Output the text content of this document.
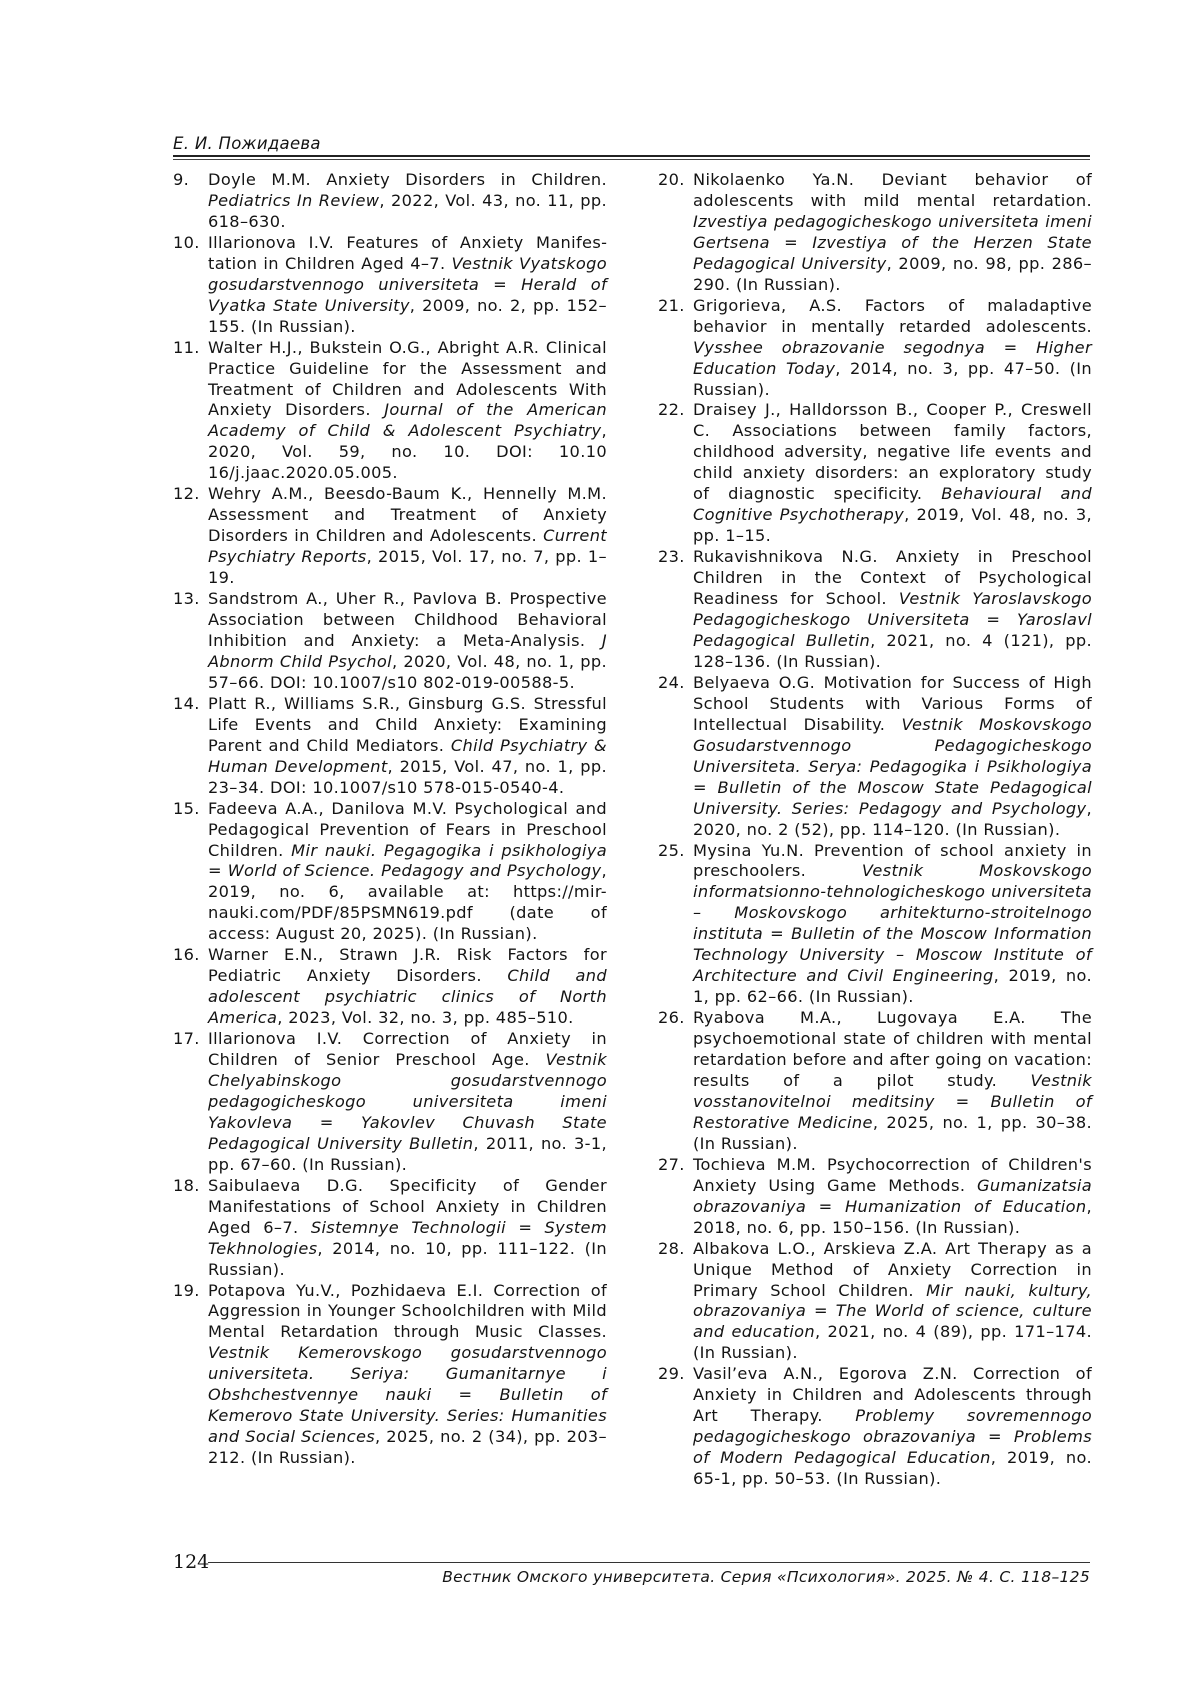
Е. И. Пожидаева
9.	Doyle M.M. Anxiety Disorders in Children. Pediatrics In Review, 2022, Vol. 43, no. 11, pp. 618–630.
10. Illarionova I.V. Features of Anxiety Manifestation in Children Aged 4–7. Vestnik Vyatskogo gosudarstvennogo universiteta = Herald of Vyatka State University, 2009, no. 2, pp. 152–155. (In Russian).
11. Walter H.J., Bukstein O.G., Abright A.R. Clinical Practice Guideline for the Assessment and Treatment of Children and Adolescents With Anxiety Disorders. Journal of the American Academy of Child & Adolescent Psychiatry, 2020, Vol. 59, no. 10. DOI: 10.10 16/j.jaac.2020.05.005.
12. Wehry A.M., Beesdo-Baum K., Hennelly M.M. Assessment and Treatment of Anxiety Disorders in Children and Adolescents. Current Psychiatry Reports, 2015, Vol. 17, no. 7, pp. 1–19.
13. Sandstrom A., Uher R., Pavlova B. Prospective Association between Childhood Behavioral Inhibition and Anxiety: a Meta-Analysis. J Abnorm Child Psychol, 2020, Vol. 48, no. 1, pp. 57–66. DOI: 10.1007/s10 802-019-00588-5.
14. Platt R., Williams S.R., Ginsburg G.S. Stressful Life Events and Child Anxiety: Examining Parent and Child Mediators. Child Psychiatry & Human Development, 2015, Vol. 47, no. 1, pp. 23–34. DOI: 10.1007/s10 578-015-0540-4.
15. Fadeeva A.A., Danilova M.V. Psychological and Pedagogical Prevention of Fears in Preschool Children. Mir nauki. Pegagogika i psikhologiya = World of Science. Pedagogy and Psychology, 2019, no. 6, available at: https://mir-nauki.com/PDF/85PSMN619.pdf (date of access: August 20, 2025). (In Russian).
16. Warner E.N., Strawn J.R. Risk Factors for Pediatric Anxiety Disorders. Child and adolescent psychiatric clinics of North America, 2023, Vol. 32, no. 3, pp. 485–510.
17. Illarionova I.V. Correction of Anxiety in Children of Senior Preschool Age. Vestnik Chelyabinskogo gosudarstvennogo pedagogicheskogo universiteta imeni Yakovleva = Yakovlev Chuvash State Pedagogical University Bulletin, 2011, no. 3-1, pp. 67–60. (In Russian).
18. Saibulaeva D.G. Specificity of Gender Manifestations of School Anxiety in Children Aged 6–7. Sistemnye Technologii = System Tekhnologies, 2014, no. 10, pp. 111–122. (In Russian).
19. Potapova Yu.V., Pozhidaeva E.I. Correction of Aggression in Younger Schoolchildren with Mild Mental Retardation through Music Classes. Vestnik Kemerovskogo gosudarstvennogo universiteta. Seriya: Gumanitarnye i Obshchestvennye nauki = Bulletin of Kemerovo State University. Series: Humanities and Social Sciences, 2025, no. 2 (34), pp. 203–212. (In Russian).
20. Nikolaenko Ya.N. Deviant behavior of adolescents with mild mental retardation. Izvestiya pedagogicheskogo universiteta imeni Gertsena = Izvestiya of the Herzen State Pedagogical University, 2009, no. 98, pp. 286–290. (In Russian).
21. Grigorieva, A.S. Factors of maladaptive behavior in mentally retarded adolescents. Vysshee obrazovanie segodnya = Higher Education Today, 2014, no. 3, pp. 47–50. (In Russian).
22. Draisey J., Halldorsson B., Cooper P., Creswell C. Associations between family factors, childhood adversity, negative life events and child anxiety disorders: an exploratory study of diagnostic specificity. Behavioural and Cognitive Psychotherapy, 2019, Vol. 48, no. 3, pp. 1–15.
23. Rukavishnikova N.G. Anxiety in Preschool Children in the Context of Psychological Readiness for School. Vestnik Yaroslavskogo Pedagogicheskogo Universiteta = Yaroslavl Pedagogical Bulletin, 2021, no. 4 (121), pp. 128–136. (In Russian).
24. Belyaeva O.G. Motivation for Success of High School Students with Various Forms of Intellectual Disability. Vestnik Moskovskogo Gosudarstvennogo Pedagogicheskogo Universiteta. Serya: Pedagogika i Psikhologiya = Bulletin of the Moscow State Pedagogical University. Series: Pedagogy and Psychology, 2020, no. 2 (52), pp. 114–120. (In Russian).
25. Mysina Yu.N. Prevention of school anxiety in preschoolers. Vestnik Moskovskogo informatsionno-tehnologicheskogo universiteta – Moskovskogo arhitekturno-stroitelnogo instituta = Bulletin of the Moscow Information Technology University – Moscow Institute of Architecture and Civil Engineering, 2019, no. 1, pp. 62–66. (In Russian).
26. Ryabova M.A., Lugovaya E.A. The psychoemotional state of children with mental retardation before and after going on vacation: results of a pilot study. Vestnik vosstanovitelnoi meditsiny = Bulletin of Restorative Medicine, 2025, no. 1, pp. 30–38. (In Russian).
27. Tochieva M.M. Psychocorrection of Children's Anxiety Using Game Methods. Gumanizatsia obrazovaniya = Humanization of Education, 2018, no. 6, pp. 150–156. (In Russian).
28. Albakova L.O., Arskieva Z.A. Art Therapy as a Unique Method of Anxiety Correction in Primary School Children. Mir nauki, kultury, obrazovaniya = The World of science, culture and education, 2021, no. 4 (89), pp. 171–174. (In Russian).
29. Vasil’eva A.N., Egorova Z.N. Correction of Anxiety in Children and Adolescents through Art Therapy. Problemy sovremennogo pedagogicheskogo obrazovaniya = Problems of Modern Pedagogical Education, 2019, no. 65-1, pp. 50–53. (In Russian).
124
Вестник Омского университета. Серия «Психология». 2025. № 4. С. 118–125
